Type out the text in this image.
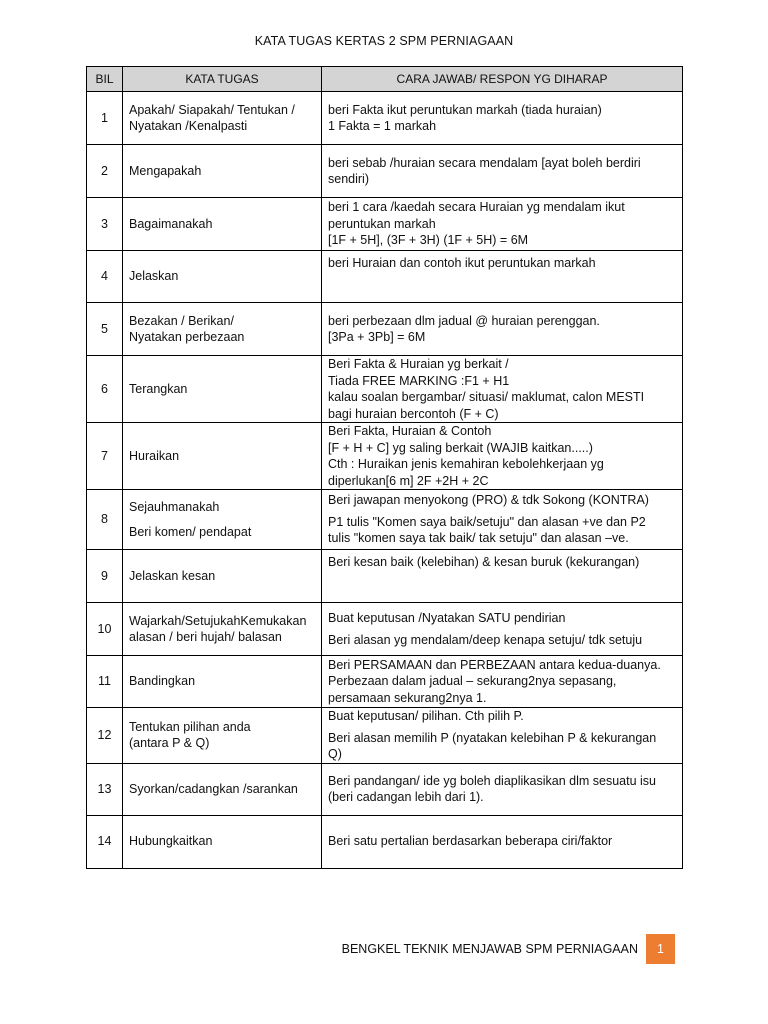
KATA TUGAS KERTAS 2 SPM PERNIAGAAN
BIL	KATA TUGAS	CARA JAWAB/ RESPON YG DIHARAP
1	Apakah/ Siapakah/ Tentukan /
Nyatakan /Kenalpasti	beri Fakta ikut peruntukan markah (tiada huraian)
1 Fakta = 1 markah

2	Mengapakah	beri sebab /huraian secara mendalam [ayat boleh berdiri
sendiri)

3	Bagaimanakah	beri 1 cara /kaedah secara Huraian yg mendalam ikut
peruntukan markah
[1F + 5H], (3F + 3H) (1F + 5H) = 6M

4	Jelaskan	beri Huraian dan contoh ikut peruntukan markah

5	Bezakan / Berikan/
Nyatakan perbezaan	beri perbezaan dlm jadual @ huraian perenggan.
[3Pa + 3Pb] = 6M

6	Terangkan	Beri Fakta & Huraian yg berkait /
Tiada FREE MARKING :F1 + H1
kalau soalan bergambar/ situasi/ maklumat, calon MESTI
bagi huraian bercontoh (F + C)

7	Huraikan	Beri Fakta, Huraian & Contoh
[F + H + C] yg saling berkait (WAJIB kaitkan.....)
Cth : Huraikan jenis kemahiran kebolehkerjaan yg
diperlukan[6 m] 2F +2H + 2C

8	Sejauhmanakah
Beri komen/ pendapat	Beri jawapan menyokong (PRO) & tdk Sokong (KONTRA)
P1 tulis "Komen saya baik/setuju" dan alasan +ve dan P2
tulis "komen saya tak baik/ tak setuju" dan alasan –ve.

9	Jelaskan kesan	Beri kesan baik (kelebihan) & kesan buruk (kekurangan)

10	Wajarkah/SetujukahKemukakan
alasan / beri hujah/ balasan	Buat keputusan /Nyatakan SATU pendirian
Beri alasan yg mendalam/deep kenapa setuju/ tdk setuju

11	Bandingkan	Beri PERSAMAAN dan PERBEZAAN antara kedua-duanya.
Perbezaan dalam jadual – sekurang2nya sepasang,
persamaan sekurang2nya 1.

12	Tentukan pilihan anda
(antara P & Q)	Buat keputusan/ pilihan. Cth pilih P.
Beri alasan memilih P (nyatakan kelebihan P & kekurangan
Q)

13	Syorkan/cadangkan /sarankan	Beri pandangan/ ide yg boleh diaplikasikan dlm sesuatu isu
(beri cadangan lebih dari 1).

14	Hubungkaitkan	Beri satu pertalian berdasarkan beberapa ciri/faktor
BENGKEL TEKNIK MENJAWAB SPM PERNIAGAAN	1
